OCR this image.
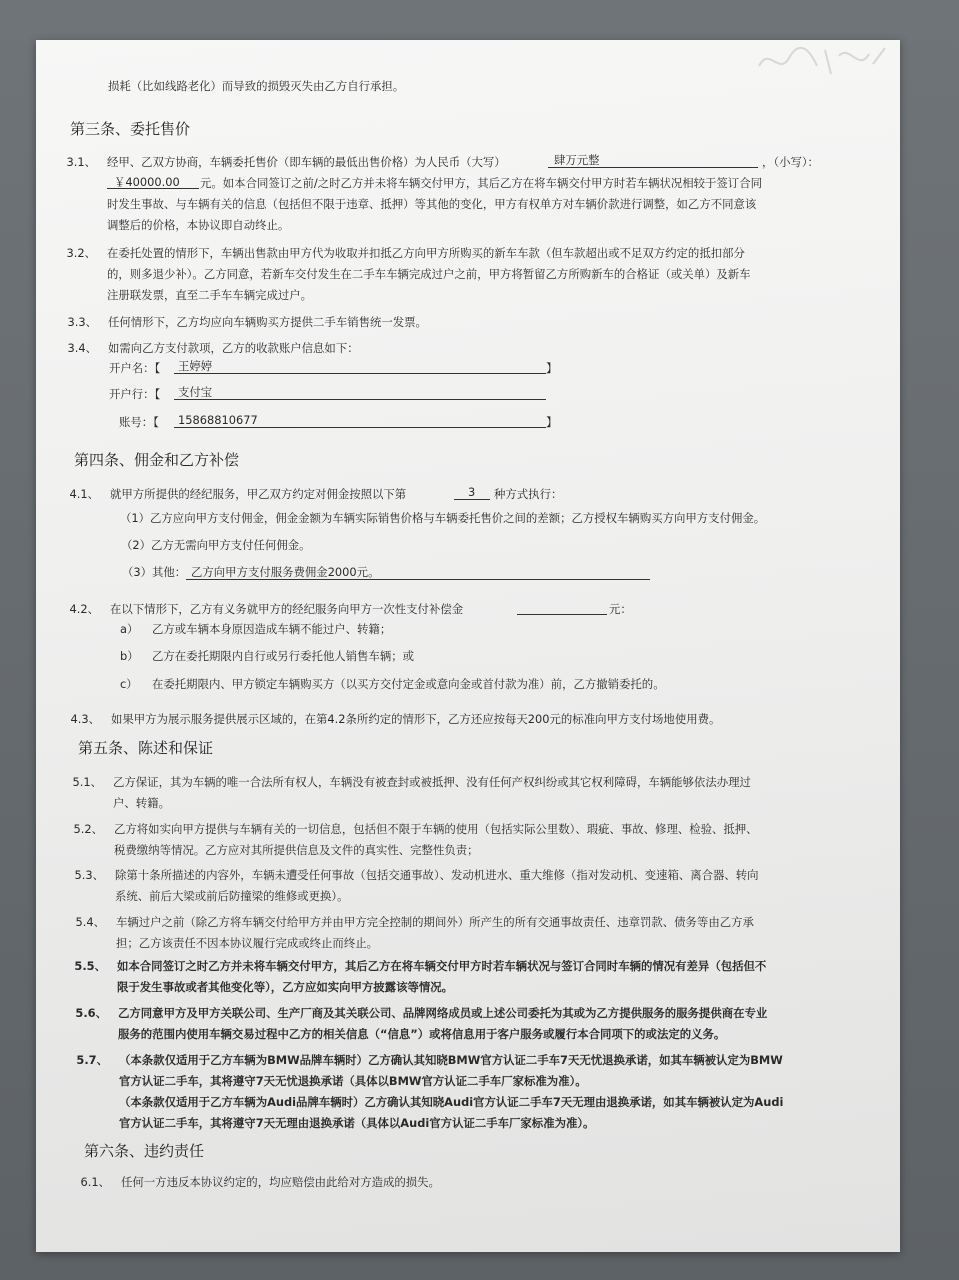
损耗（比如线路老化）而导致的损毁灭失由乙方自行承担。
第三条、委托售价
3.1、 经甲、乙双方协商，车辆委托售价（即车辆的最低出售价格）为人民币（大写）	肆万元整	，（小写）：
￥40000.00 元。如本合同签订之前/之时乙方并未将车辆交付甲方，其后乙方在将车辆交付甲方时若车辆状况相较于签订合同
时发生事故、与车辆有关的信息（包括但不限于违章、抵押）等其他的变化，甲方有权单方对车辆价款进行调整，如乙方不同意该
调整后的价格，本协议即自动终止。
3.2、 在委托处置的情形下，车辆出售款由甲方代为收取并扣抵乙方向甲方所购买的新车车款（但车款超出或不足双方约定的抵扣部分
的，则多退少补）。乙方同意，若新车交付发生在二手车车辆完成过户之前，甲方将暂留乙方所购新车的合格证（或关单）及新车
注册联发票，直至二手车车辆完成过户。
3.3、 任何情形下，乙方均应向车辆购买方提供二手车销售统一发票。
3.4、 如需向乙方支付款项，乙方的收款账户信息如下：
开户名：【 王婷婷	】
开户行：【 支付宝
账号：【 15868810677	】
第四条、佣金和乙方补偿
4.1、 就甲方所提供的经纪服务，甲乙双方约定对佣金按照以下第	3 种方式执行：
（1）乙方应向甲方支付佣金，佣金金额为车辆实际销售价格与车辆委托售价之间的差额；乙方授权车辆购买方向甲方支付佣金。
（2）乙方无需向甲方支付任何佣金。
（3）其他： 乙方向甲方支付服务费佣金2000元。
4.2、 在以下情形下，乙方有义务就甲方的经纪服务向甲方一次性支付补偿金	元：
a） 乙方或车辆本身原因造成车辆不能过户、转籍；
b） 乙方在委托期限内自行或另行委托他人销售车辆；或
c） 在委托期限内、甲方锁定车辆购买方（以买方交付定金或意向金或首付款为准）前，乙方撤销委托的。
4.3、 如果甲方为展示服务提供展示区域的，在第4.2条所约定的情形下，乙方还应按每天200元的标准向甲方支付场地使用费。
第五条、陈述和保证
5.1、 乙方保证，其为车辆的唯一合法所有权人，车辆没有被查封或被抵押、没有任何产权纠纷或其它权利障碍，车辆能够依法办理过
户、转籍。
5.2、 乙方将如实向甲方提供与车辆有关的一切信息，包括但不限于车辆的使用（包括实际公里数）、瑕疵、事故、修理、检验、抵押、
税费缴纳等情况。乙方应对其所提供信息及文件的真实性、完整性负责；
5.3、 除第十条所描述的内容外，车辆未遭受任何事故（包括交通事故）、发动机进水、重大维修（指对发动机、变速箱、离合器、转向
系统、前后大梁或前后防撞梁的维修或更换）。
5.4、 车辆过户之前（除乙方将车辆交付给甲方并由甲方完全控制的期间外）所产生的所有交通事故责任、违章罚款、债务等由乙方承
担；乙方该责任不因本协议履行完成或终止而终止。
5.5、 如本合同签订之时乙方并未将车辆交付甲方，其后乙方在将车辆交付甲方时若车辆状况与签订合同时车辆的情况有差异（包括但不
限于发生事故或者其他变化等），乙方应如实向甲方披露该等情况。
5.6、 乙方同意甲方及甲方关联公司、生产厂商及其关联公司、品牌网络成员或上述公司委托为其或为乙方提供服务的服务提供商在专业
服务的范围内使用车辆交易过程中乙方的相关信息（“信息”）或将信息用于客户服务或履行本合同项下的或法定的义务。
5.7、 （本条款仅适用于乙方车辆为BMW品牌车辆时）乙方确认其知晓BMW官方认证二手车7天无忧退换承诺，如其车辆被认定为BMW
官方认证二手车，其将遵守7天无忧退换承诺（具体以BMW官方认证二手车厂家标准为准）。
（本条款仅适用于乙方车辆为Audi品牌车辆时）乙方确认其知晓Audi官方认证二手车7天无理由退换承诺，如其车辆被认定为Audi
官方认证二手车，其将遵守7天无理由退换承诺（具体以Audi官方认证二手车厂家标准为准）。
第六条、违约责任
6.1、 任何一方违反本协议约定的，均应赔偿由此给对方造成的损失。
